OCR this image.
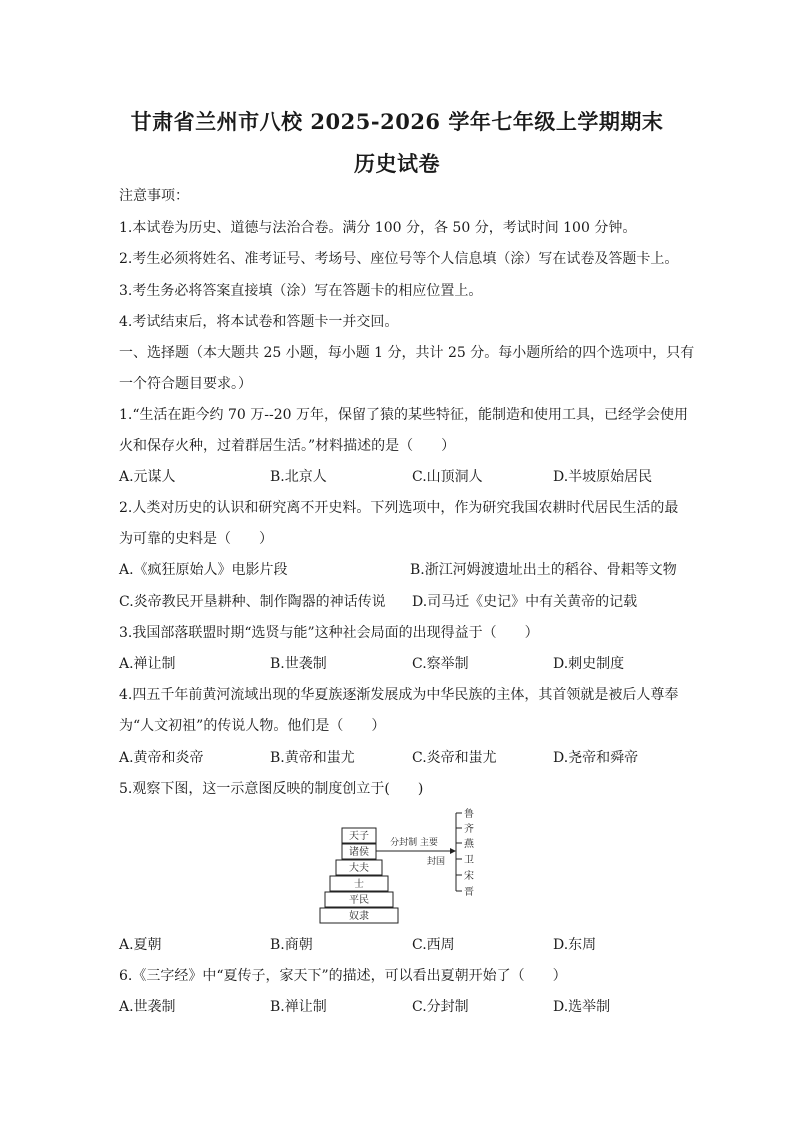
甘肃省兰州市八校 2025-2026 学年七年级上学期期末
历史试卷
注意事项：
1.本试卷为历史、道德与法治合卷。满分 100 分，各 50 分，考试时间 100 分钟。
2.考生必须将姓名、准考证号、考场号、座位号等个人信息填（涂）写在试卷及答题卡上。
3.考生务必将答案直接填（涂）写在答题卡的相应位置上。
4.考试结束后，将本试卷和答题卡一并交回。
一、选择题（本大题共 25 小题，每小题 1 分，共计 25 分。每小题所给的四个选项中，只有
一个符合题目要求。）
1.“生活在距今约 70 万--20 万年，保留了猿的某些特征，能制造和使用工具，已经学会使用
火和保存火种，过着群居生活。”材料描述的是（　　）
A.元谋人	B.北京人	C.山顶洞人	D.半坡原始居民
2.人类对历史的认识和研究离不开史料。下列选项中，作为研究我国农耕时代居民生活的最
为可靠的史料是（　　）
A.《疯狂原始人》电影片段	B.浙江河姆渡遗址出土的稻谷、骨耜等文物
C.炎帝教民开垦耕种、制作陶器的神话传说 D.司马迁《史记》中有关黄帝的记载
3.我国部落联盟时期“选贤与能”这种社会局面的出现得益于（　　）
A.禅让制	B.世袭制	C.察举制	D.刺史制度
4.四五千年前黄河流域出现的华夏族逐渐发展成为中华民族的主体，其首领就是被后人尊奉
为“人文初祖”的传说人物。他们是（　　）
A.黄帝和炎帝	B.黄帝和蚩尤	C.炎帝和蚩尤	D.尧帝和舜帝
5.观察下图，这一示意图反映的制度创立于(　　)
天子
诸侯
大夫
士
平民
奴隶
分封制 主要
封国
鲁
齐
燕
卫
宋
晋
A.夏朝	B.商朝	C.西周	D.东周
6.《三字经》中“夏传子，家天下”的描述，可以看出夏朝开始了（　　）
A.世袭制	B.禅让制	C.分封制	D.选举制
